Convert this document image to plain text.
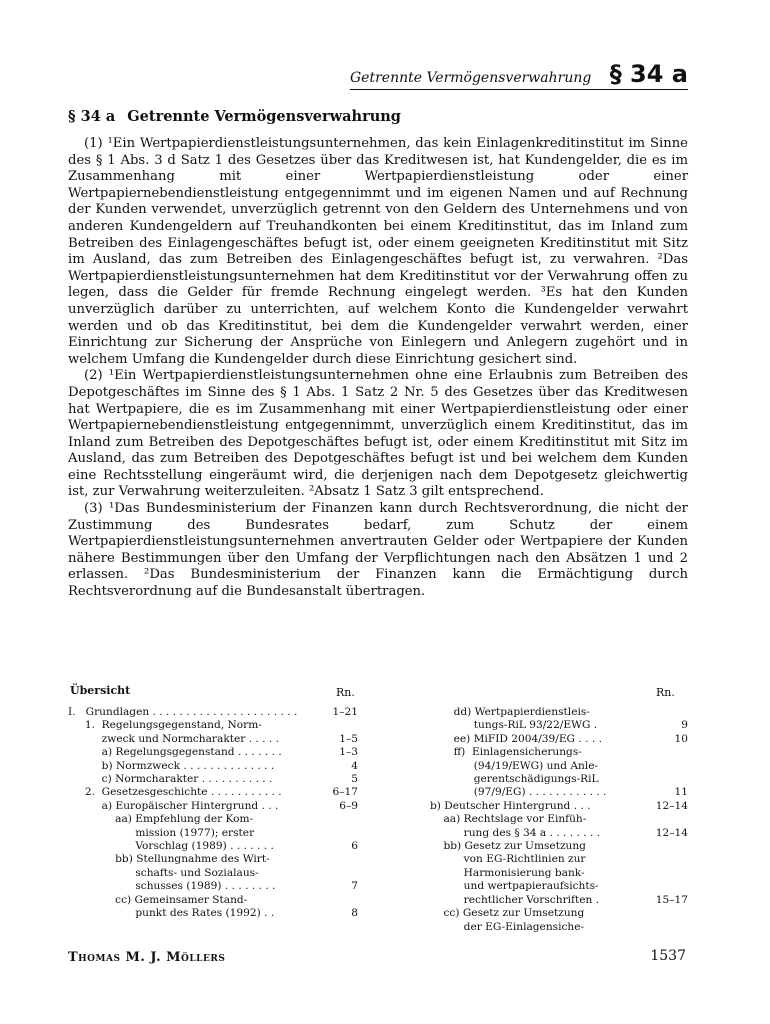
Getrennte Vermögensverwahrung § 34 a
§ 34 a Getrennte Vermögensverwahrung

(1) ¹Ein Wertpapierdienstleistungsunternehmen, das kein Einlagenkreditinstitut im Sinne des § 1 Abs. 3 d Satz 1 des Gesetzes über das Kreditwesen ist, hat Kundengelder, die es im Zusammenhang mit einer Wertpapierdienstleistung oder einer Wertpapiernebendienstleistung entgegennimmt und im eigenen Namen und auf Rechnung der Kunden verwendet, unverzüglich getrennt von den Geldern des Unternehmens und von anderen Kundengeldern auf Treuhandkonten bei einem Kreditinstitut, das im Inland zum Betreiben des Einlagengeschäftes befugt ist, oder einem geeigneten Kreditinstitut mit Sitz im Ausland, das zum Betreiben des Einlagengeschäftes befugt ist, zu verwahren. ²Das Wertpapierdienstleistungsunternehmen hat dem Kreditinstitut vor der Verwahrung offen zu legen, dass die Gelder für fremde Rechnung eingelegt werden. ³Es hat den Kunden unverzüglich darüber zu unterrichten, auf welchem Konto die Kundengelder verwahrt werden und ob das Kreditinstitut, bei dem die Kundengelder verwahrt werden, einer Einrichtung zur Sicherung der Ansprüche von Einlegern und Anlegern zugehört und in welchem Umfang die Kundengelder durch diese Einrichtung gesichert sind.

(2) ¹Ein Wertpapierdienstleistungsunternehmen ohne eine Erlaubnis zum Betreiben des Depotgeschäftes im Sinne des § 1 Abs. 1 Satz 2 Nr. 5 des Gesetzes über das Kreditwesen hat Wertpapiere, die es im Zusammenhang mit einer Wertpapierdienstleistung oder einer Wertpapiernebendienstleistung entgegennimmt, unverzüglich einem Kreditinstitut, das im Inland zum Betreiben des Depotgeschäftes befugt ist, oder einem Kreditinstitut mit Sitz im Ausland, das zum Betreiben des Depotgeschäftes befugt ist und bei welchem dem Kunden eine Rechtsstellung eingeräumt wird, die derjenigen nach dem Depotgesetz gleichwertig ist, zur Verwahrung weiterzuleiten. ²Absatz 1 Satz 3 gilt entsprechend.

(3) ¹Das Bundesministerium der Finanzen kann durch Rechtsverordnung, die nicht der Zustimmung des Bundesrates bedarf, zum Schutz der einem Wertpapierdienstleistungsunternehmen anvertrauten Gelder oder Wertpapiere der Kunden nähere Bestimmungen über den Umfang der Verpflichtungen nach den Absätzen 1 und 2 erlassen. ²Das Bundesministerium der Finanzen kann die Ermächtigung durch Rechtsverordnung auf die Bundesanstalt übertragen.

Übersicht	Rn.	Rn.
I.   Grundlagen . . . . . . . . . . . . . . . . . . . . . .	1–21
1.  Regelungsgegenstand, Norm-
zweck und Normcharakter . . . . .	1–5
a) Regelungsgegenstand . . . . . . .	1–3
b) Normzweck . . . . . . . . . . . . . .	4
c) Normcharakter . . . . . . . . . . .	5
2.  Gesetzesgeschichte . . . . . . . . . . .	6–17
a) Europäischer Hintergrund . . .	6–9
aa) Empfehlung der Kom-
mission (1977); erster
Vorschlag (1989) . . . . . . .	6
bb) Stellungnahme des Wirt-
schafts- und Sozialaus-
schusses (1989) . . . . . . . .	7
cc) Gemeinsamer Stand-
punkt des Rates (1992) . .	8
dd) Wertpapierdienstleis-
tungs-RiL 93/22/EWG .	9
ee) MiFID 2004/39/EG . . . .	10
ff)  Einlagensicherungs-
(94/19/EWG) und Anle-
gerentschädigungs-RiL
(97/9/EG) . . . . . . . . . . . .	11
b) Deutscher Hintergrund . . .	12–14
aa) Rechtslage vor Einfüh-
rung des § 34 a . . . . . . . .	12–14
bb) Gesetz zur Umsetzung
von EG-Richtlinien zur
Harmonisierung bank-
und wertpapieraufsichts-
rechtlicher Vorschriften .	15–17
cc) Gesetz zur Umsetzung
der EG-Einlagensiche-
Thomas M. J. Möllers	1537
